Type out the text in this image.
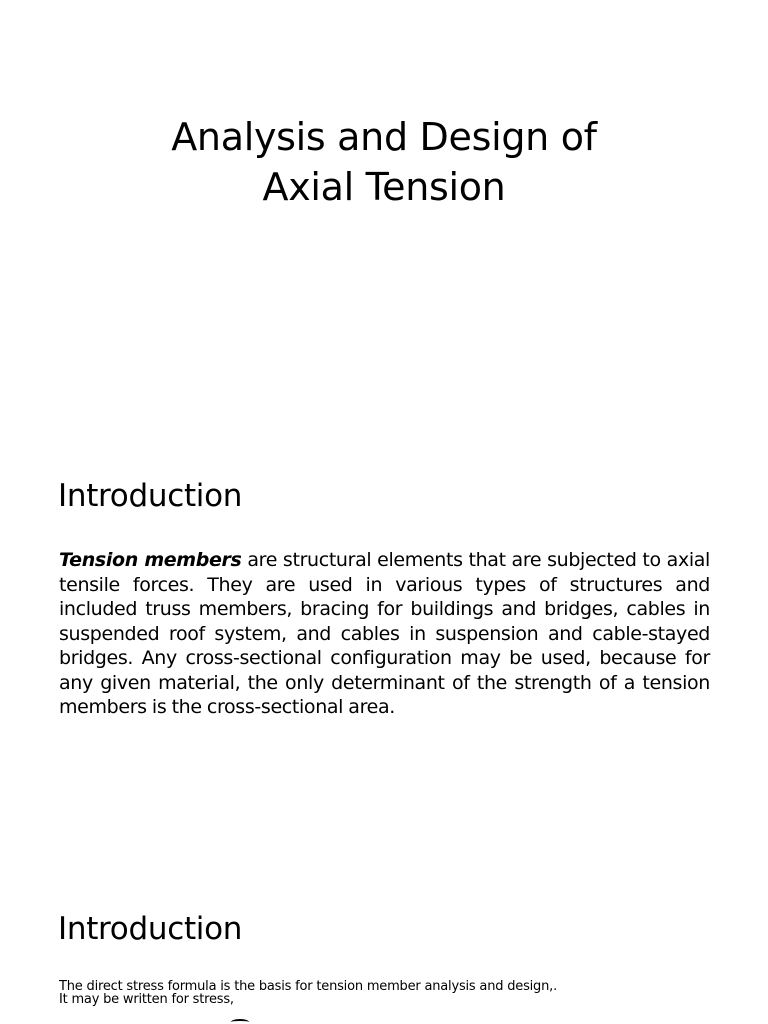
Analysis and Design of
Axial Tension
Introduction

Tension members are structural elements that are subjected to axial tensile forces. They are used in various types of structures and included truss members, bracing for buildings and bridges, cables in suspended roof system, and cables in suspension and cable-stayed bridges. Any cross-sectional configuration may be used, because for any given material, the only determinant of the strength of a tension members is the cross-sectional area.

Introduction

The direct stress formula is the basis for tension member analysis and design,.
It may be written for stress,
